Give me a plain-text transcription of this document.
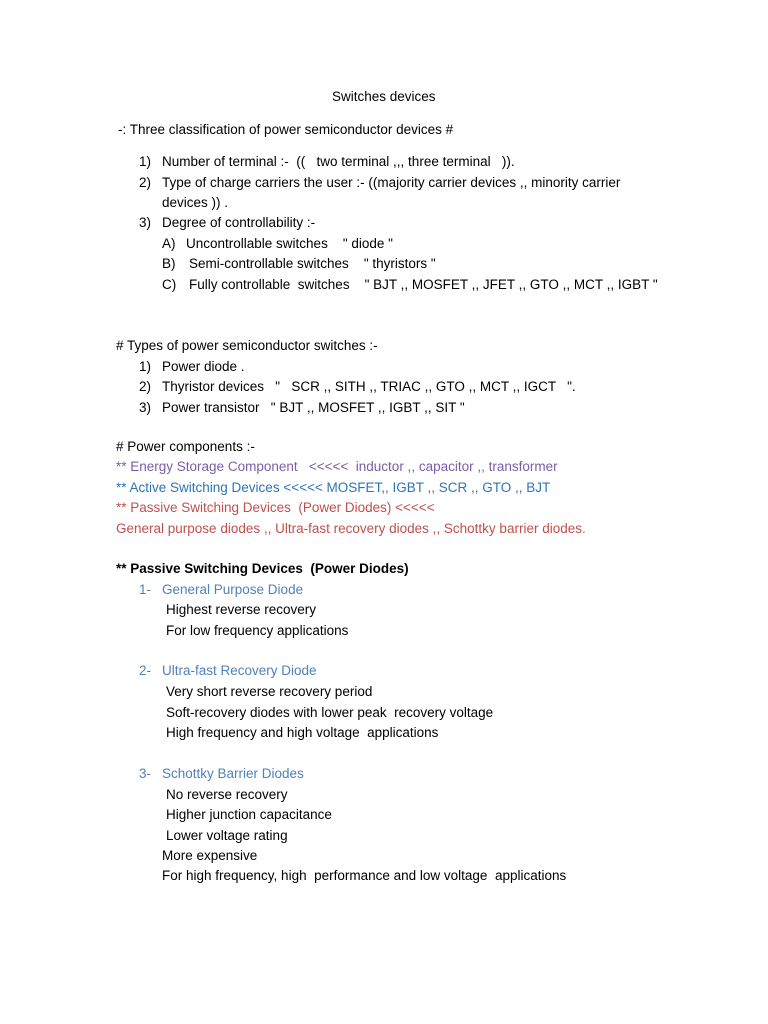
Switches devices
-: Three classification of power semiconductor devices #
1) Number of terminal :-  ((   two terminal ,,, three terminal   )).
2) Type of charge carriers the user :- ((majority carrier devices ,, minority carrier
devices )) .
3) Degree of controllability :-
A) Uncontrollable switches    " diode "
B) Semi-controllable switches    " thyristors "
C) Fully controllable  switches    " BJT ,, MOSFET ,, JFET ,, GTO ,, MCT ,, IGBT "
# Types of power semiconductor switches :-
1) Power diode .
2) Thyristor devices   "   SCR ,, SITH ,, TRIAC ,, GTO ,, MCT ,, IGCT   ".
3) Power transistor   " BJT ,, MOSFET ,, IGBT ,, SIT "
# Power components :-
** Energy Storage Component   <<<<<  inductor ,, capacitor ,, transformer
** Active Switching Devices <<<<< MOSFET,, IGBT ,, SCR ,, GTO ,, BJT
** Passive Switching Devices  (Power Diodes) <<<<<
General purpose diodes ,, Ultra-fast recovery diodes ,, Schottky barrier diodes.
** Passive Switching Devices  (Power Diodes)
1- General Purpose Diode
Highest reverse recovery
For low frequency applications
2- Ultra-fast Recovery Diode
Very short reverse recovery period
Soft-recovery diodes with lower peak  recovery voltage
High frequency and high voltage  applications
3- Schottky Barrier Diodes
No reverse recovery
Higher junction capacitance
Lower voltage rating
More expensive
For high frequency, high  performance and low voltage  applications
